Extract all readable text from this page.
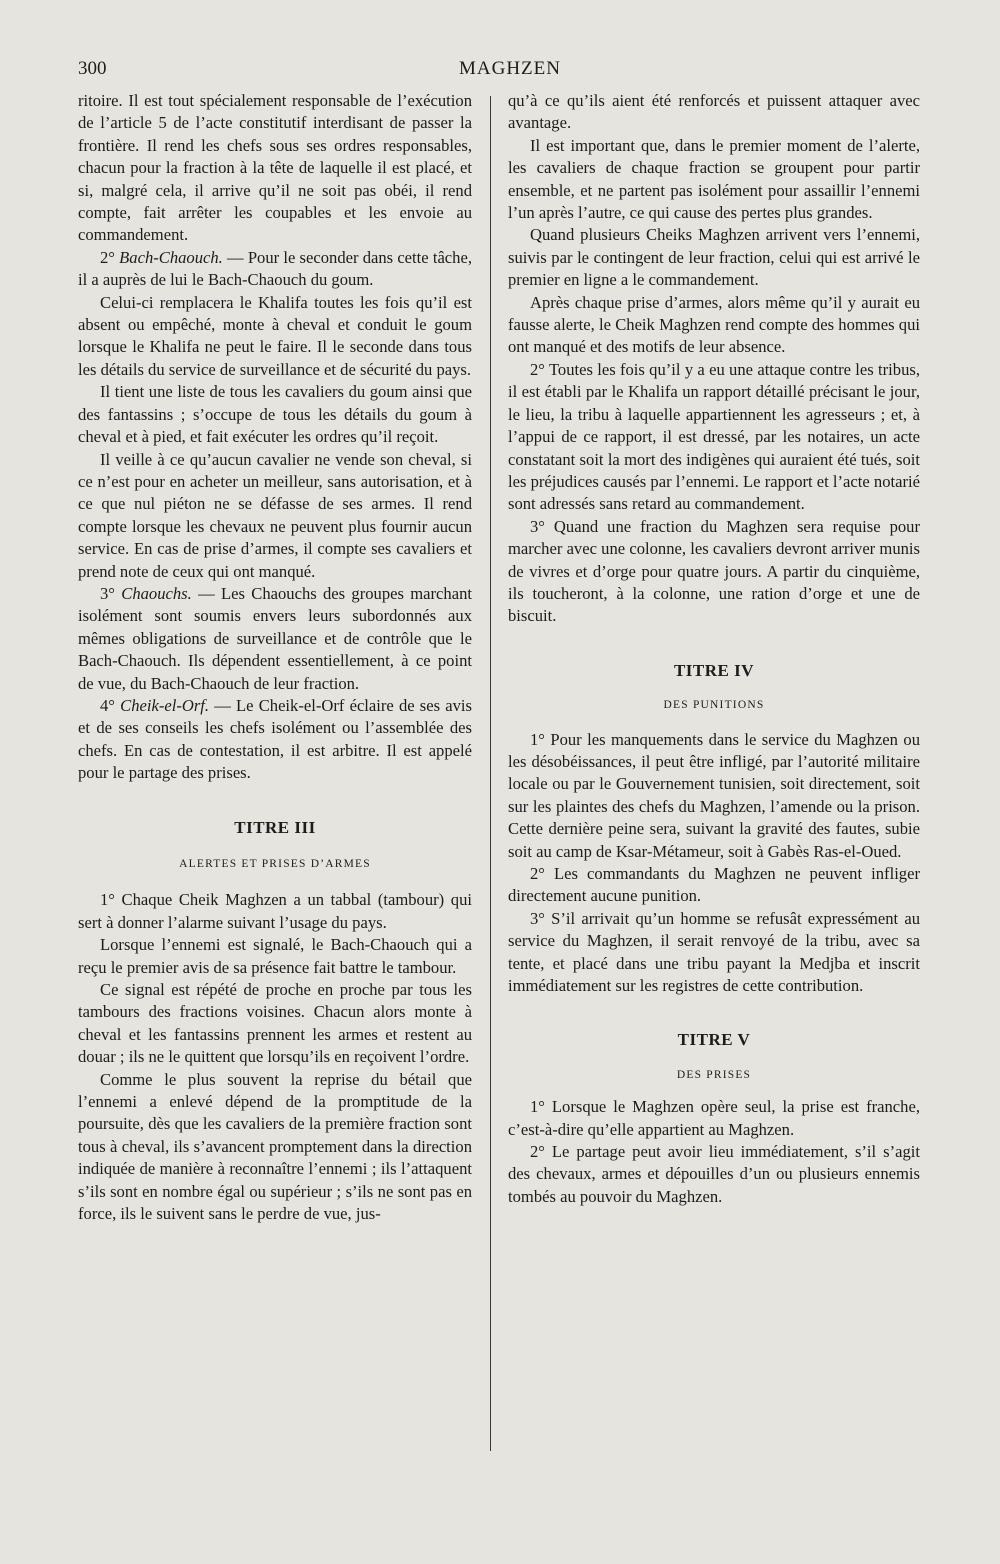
300	MAGHZEN

ritoire. Il est tout spécialement responsable de l’exécution de l’article 5 de l’acte constitutif interdisant de passer la frontière. Il rend les chefs sous ses ordres responsables, chacun pour la fraction à la tête de laquelle il est placé, et si, malgré cela, il arrive qu’il ne soit pas obéi, il rend compte, fait arrêter les coupables et les envoie au commandement.

2° Bach-Chaouch. — Pour le seconder dans cette tâche, il a auprès de lui le Bach-Chaouch du goum.

Celui-ci remplacera le Khalifa toutes les fois qu’il est absent ou empêché, monte à cheval et conduit le goum lorsque le Khalifa ne peut le faire. Il le seconde dans tous les détails du service de surveillance et de sécurité du pays.

Il tient une liste de tous les cavaliers du goum ainsi que des fantassins ; s’occupe de tous les détails du goum à cheval et à pied, et fait exécuter les ordres qu’il reçoit.

Il veille à ce qu’aucun cavalier ne vende son cheval, si ce n’est pour en acheter un meilleur, sans autorisation, et à ce que nul piéton ne se défasse de ses armes. Il rend compte lorsque les chevaux ne peuvent plus fournir aucun service. En cas de prise d’armes, il compte ses cavaliers et prend note de ceux qui ont manqué.

3° Chaouchs. — Les Chaouchs des groupes marchant isolément sont soumis envers leurs subordonnés aux mêmes obligations de surveillance et de contrôle que le Bach-Chaouch. Ils dépendent essentiellement, à ce point de vue, du Bach-Chaouch de leur fraction.

4° Cheik-el-Orf. — Le Cheik-el-Orf éclaire de ses avis et de ses conseils les chefs isolément ou l’assemblée des chefs. En cas de contestation, il est arbitre. Il est appelé pour le partage des prises.

TITRE III
ALERTES ET PRISES D’ARMES

1° Chaque Cheik Maghzen a un tabbal (tambour) qui sert à donner l’alarme suivant l’usage du pays.

Lorsque l’ennemi est signalé, le Bach-Chaouch qui a reçu le premier avis de sa présence fait battre le tambour.

Ce signal est répété de proche en proche par tous les tambours des fractions voisines. Chacun alors monte à cheval et les fantassins prennent les armes et restent au douar ; ils ne le quittent que lorsqu’ils en reçoivent l’ordre.

Comme le plus souvent la reprise du bétail que l’ennemi a enlevé dépend de la promptitude de la poursuite, dès que les cavaliers de la première fraction sont tous à cheval, ils s’avancent promptement dans la direction indiquée de manière à reconnaître l’ennemi ; ils l’attaquent s’ils sont en nombre égal ou supérieur ; s’ils ne sont pas en force, ils le suivent sans le perdre de vue, jus-

qu’à ce qu’ils aient été renforcés et puissent attaquer avec avantage.

Il est important que, dans le premier moment de l’alerte, les cavaliers de chaque fraction se groupent pour partir ensemble, et ne partent pas isolément pour assaillir l’ennemi l’un après l’autre, ce qui cause des pertes plus grandes.

Quand plusieurs Cheiks Maghzen arrivent vers l’ennemi, suivis par le contingent de leur fraction, celui qui est arrivé le premier en ligne a le commandement.

Après chaque prise d’armes, alors même qu’il y aurait eu fausse alerte, le Cheik Maghzen rend compte des hommes qui ont manqué et des motifs de leur absence.

2° Toutes les fois qu’il y a eu une attaque contre les tribus, il est établi par le Khalifa un rapport détaillé précisant le jour, le lieu, la tribu à laquelle appartiennent les agresseurs ; et, à l’appui de ce rapport, il est dressé, par les notaires, un acte constatant soit la mort des indigènes qui auraient été tués, soit les préjudices causés par l’ennemi. Le rapport et l’acte notarié sont adressés sans retard au commandement.

3° Quand une fraction du Maghzen sera requise pour marcher avec une colonne, les cavaliers devront arriver munis de vivres et d’orge pour quatre jours. A partir du cinquième, ils toucheront, à la colonne, une ration d’orge et une de biscuit.

TITRE IV
DES PUNITIONS

1° Pour les manquements dans le service du Maghzen ou les désobéissances, il peut être infligé, par l’autorité militaire locale ou par le Gouvernement tunisien, soit directement, soit sur les plaintes des chefs du Maghzen, l’amende ou la prison. Cette dernière peine sera, suivant la gravité des fautes, subie soit au camp de Ksar-Métameur, soit à Gabès Ras-el-Oued.

2° Les commandants du Maghzen ne peuvent infliger directement aucune punition.

3° S’il arrivait qu’un homme se refusât expressément au service du Maghzen, il serait renvoyé de la tribu, avec sa tente, et placé dans une tribu payant la Medjba et inscrit immédiatement sur les registres de cette contribution.

TITRE V
DES PRISES

1° Lorsque le Maghzen opère seul, la prise est franche, c’est-à-dire qu’elle appartient au Maghzen.

2° Le partage peut avoir lieu immédiatement, s’il s’agit des chevaux, armes et dépouilles d’un ou plusieurs ennemis tombés au pouvoir du Maghzen.
